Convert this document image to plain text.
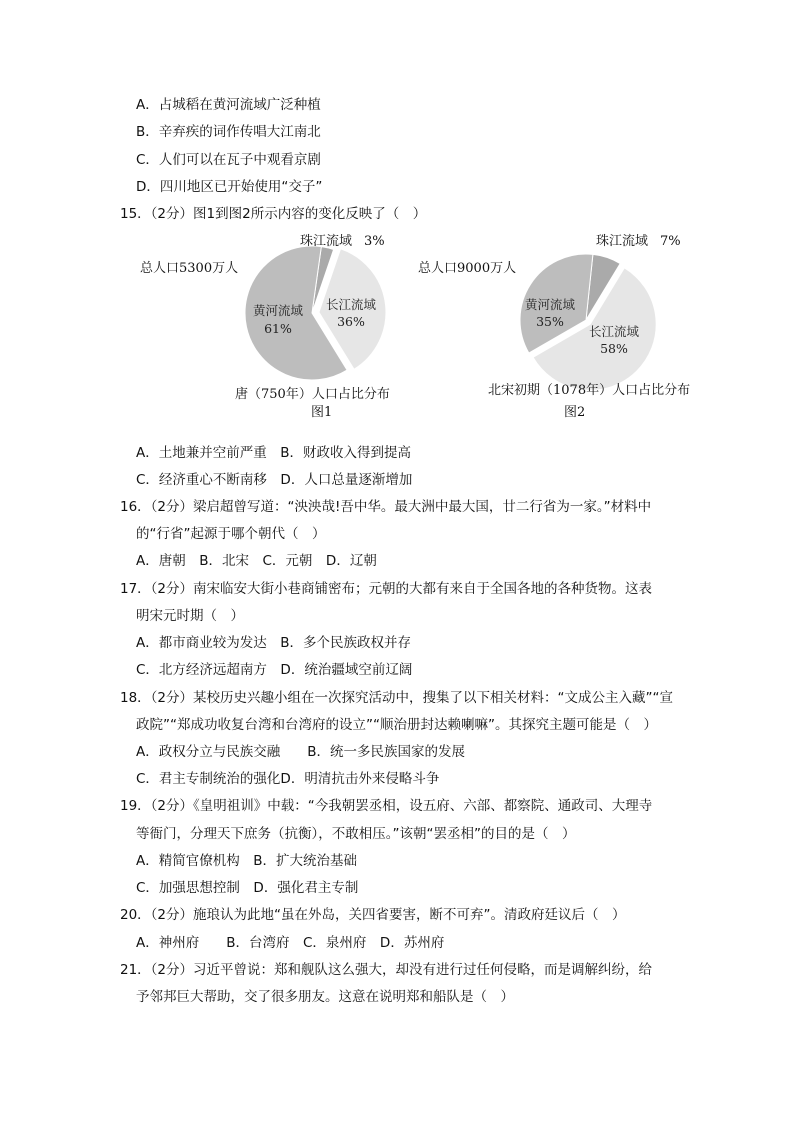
A．占城稻在黄河流域广泛种植
B．辛弃疾的词作传唱大江南北
C．人们可以在瓦子中观看京剧
D．四川地区已开始使用“交子”
15．（2分）图1到图2所示内容的变化反映了（　）
总人口5300万人
珠江流域 3%
长江流域
36%
黄河流域
61%
唐（750年）人口占比分布
图1
总人口9000万人
珠江流域 7%
长江流域
58%
黄河流域
35%
北宋初期（1078年）人口占比分布
图2
A．土地兼并空前严重　B．财政收入得到提高
C．经济重心不断南移　D．人口总量逐渐增加
16．（2分）梁启超曾写道：“泱泱哉!吾中华。最大洲中最大国，廿二行省为一家。”材料中
的“行省”起源于哪个朝代（　）
A．唐朝　B．北宋　C．元朝　D．辽朝
17．（2分）南宋临安大街小巷商铺密布；元朝的大都有来自于全国各地的各种货物。这表
明宋元时期（　）
A．都市商业较为发达　B．多个民族政权并存
C．北方经济远超南方　D．统治疆域空前辽阔
18．（2分）某校历史兴趣小组在一次探究活动中，搜集了以下相关材料：“文成公主入藏”“宣
政院”“郑成功收复台湾和台湾府的设立”“顺治册封达赖喇嘛”。其探究主题可能是（　）
A．政权分立与民族交融　　B．统一多民族国家的发展
C．君主专制统治的强化D．明清抗击外来侵略斗争
19．（2分）《皇明祖训》中载：“今我朝罢丞相，设五府、六部、都察院、通政司、大理寺
等衙门，分理天下庶务（抗衡），不敢相压。”该朝“罢丞相”的目的是（　）
A．精简官僚机构　B．扩大统治基础
C．加强思想控制　D．强化君主专制
20．（2分）施琅认为此地“虽在外岛，关四省要害，断不可弃”。清政府廷议后（　）
A．神州府　　B．台湾府　C．泉州府　D．苏州府
21．（2分）习近平曾说：郑和舰队这么强大，却没有进行过任何侵略，而是调解纠纷，给
予邻邦巨大帮助，交了很多朋友。这意在说明郑和船队是（　）
